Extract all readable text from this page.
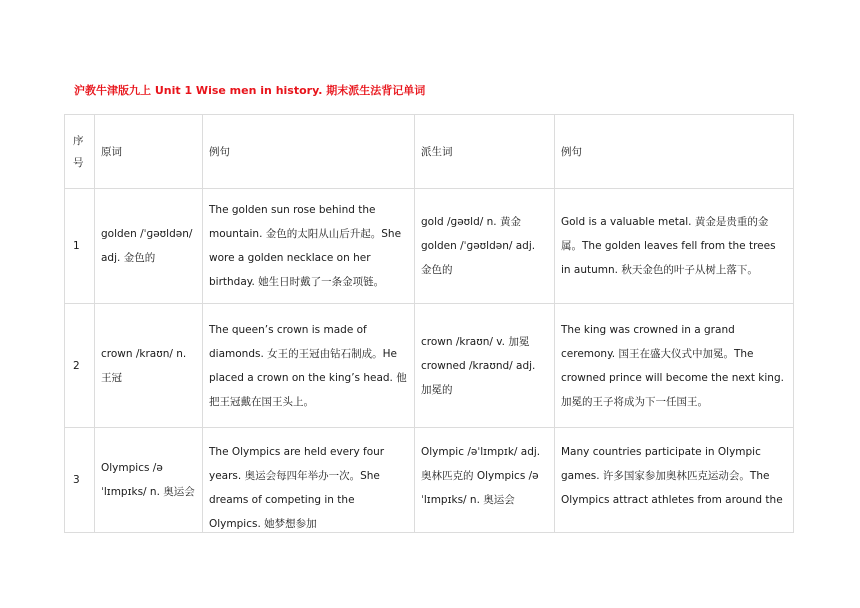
沪教牛津版九上 Unit 1 Wise men in history. 期末派生法背记单词
序号	原词	例句	派生词	例句
1	golden /ˈɡəʊldən/ adj. 金色的	The golden sun rose behind the mountain. 金色的太阳从山后升起。She wore a golden necklace on her birthday. 她生日时戴了一条金项链。	gold /ɡəʊld/ n. 黄金 golden /ˈɡəʊldən/ adj. 金色的	Gold is a valuable metal. 黄金是贵重的金属。The golden leaves fell from the trees in autumn. 秋天金色的叶子从树上落下。
2	crown /kraʊn/ n. 王冠	The queen’s crown is made of diamonds. 女王的王冠由钻石制成。He placed a crown on the king’s head. 他把王冠戴在国王头上。	crown /kraʊn/ v. 加冕 crowned /kraʊnd/ adj. 加冕的	The king was crowned in a grand ceremony. 国王在盛大仪式中加冕。The crowned prince will become the next king. 加冕的王子将成为下一任国王。
3	Olympics /əˈlɪmpɪks/ n. 奥运会	The Olympics are held every four years. 奥运会每四年举办一次。She dreams of competing in the Olympics. 她梦想参加	Olympic /əˈlɪmpɪk/ adj. 奥林匹克的 Olympics /əˈlɪmpɪks/ n. 奥运会	Many countries participate in Olympic games. 许多国家参加奥林匹克运动会。The Olympics attract athletes from around the
